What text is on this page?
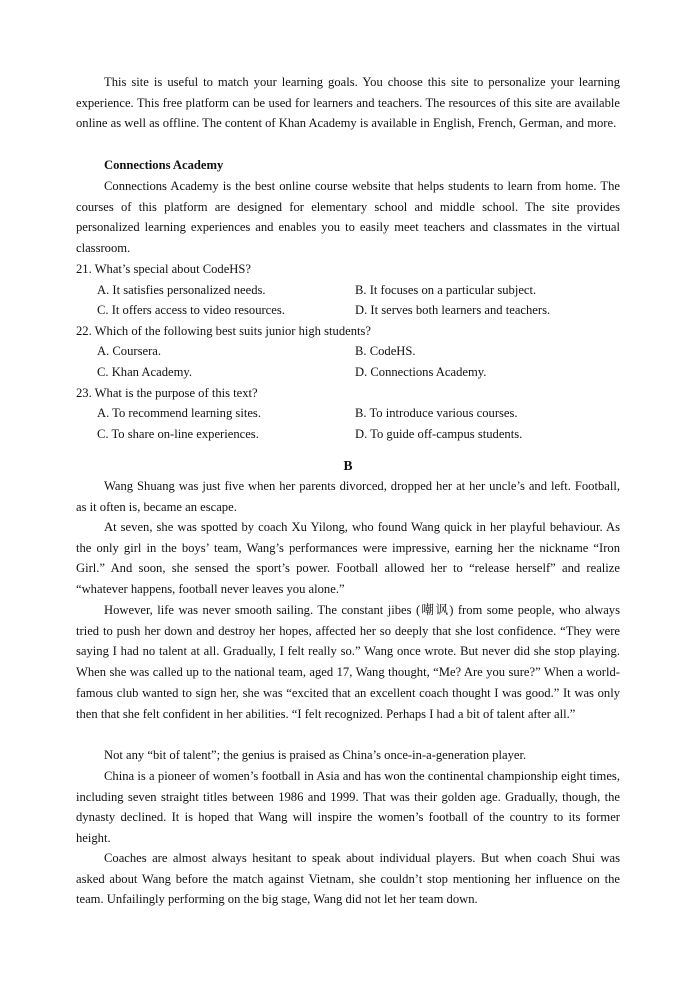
This site is useful to match your learning goals. You choose this site to personalize your learning experience. This free platform can be used for learners and teachers. The resources of this site are available online as well as offline. The content of Khan Academy is available in English, French, German, and more.
Connections Academy
Connections Academy is the best online course website that helps students to learn from home. The courses of this platform are designed for elementary school and middle school. The site provides personalized learning experiences and enables you to easily meet teachers and classmates in the virtual classroom.
21. What’s special about CodeHS?
A. It satisfies personalized needs.	B. It focuses on a particular subject.
C. It offers access to video resources.	D. It serves both learners and teachers.
22. Which of the following best suits junior high students?
A. Coursera.	B. CodeHS.
C. Khan Academy.	D. Connections Academy.
23. What is the purpose of this text?
A. To recommend learning sites.	B. To introduce various courses.
C. To share on-line experiences.	D. To guide off-campus students.
B
Wang Shuang was just five when her parents divorced, dropped her at her uncle’s and left. Football, as it often is, became an escape.
At seven, she was spotted by coach Xu Yilong, who found Wang quick in her playful behaviour. As the only girl in the boys’ team, Wang’s performances were impressive, earning her the nickname “Iron Girl.” And soon, she sensed the sport’s power. Football allowed her to “release herself” and realize “whatever happens, football never leaves you alone.”
However, life was never smooth sailing. The constant jibes (嘲讽) from some people, who always tried to push her down and destroy her hopes, affected her so deeply that she lost confidence. “They were saying I had no talent at all. Gradually, I felt really so.” Wang once wrote. But never did she stop playing. When she was called up to the national team, aged 17, Wang thought, “Me? Are you sure?” When a world-famous club wanted to sign her, she was “excited that an excellent coach thought I was good.” It was only then that she felt confident in her abilities. “I felt recognized. Perhaps I had a bit of talent after all.”
Not any “bit of talent”; the genius is praised as China’s once-in-a-generation player.
China is a pioneer of women’s football in Asia and has won the continental championship eight times, including seven straight titles between 1986 and 1999. That was their golden age. Gradually, though, the dynasty declined. It is hoped that Wang will inspire the women’s football of the country to its former height.
Coaches are almost always hesitant to speak about individual players. But when coach Shui was asked about Wang before the match against Vietnam, she couldn’t stop mentioning her influence on the team. Unfailingly performing on the big stage, Wang did not let her team down.
